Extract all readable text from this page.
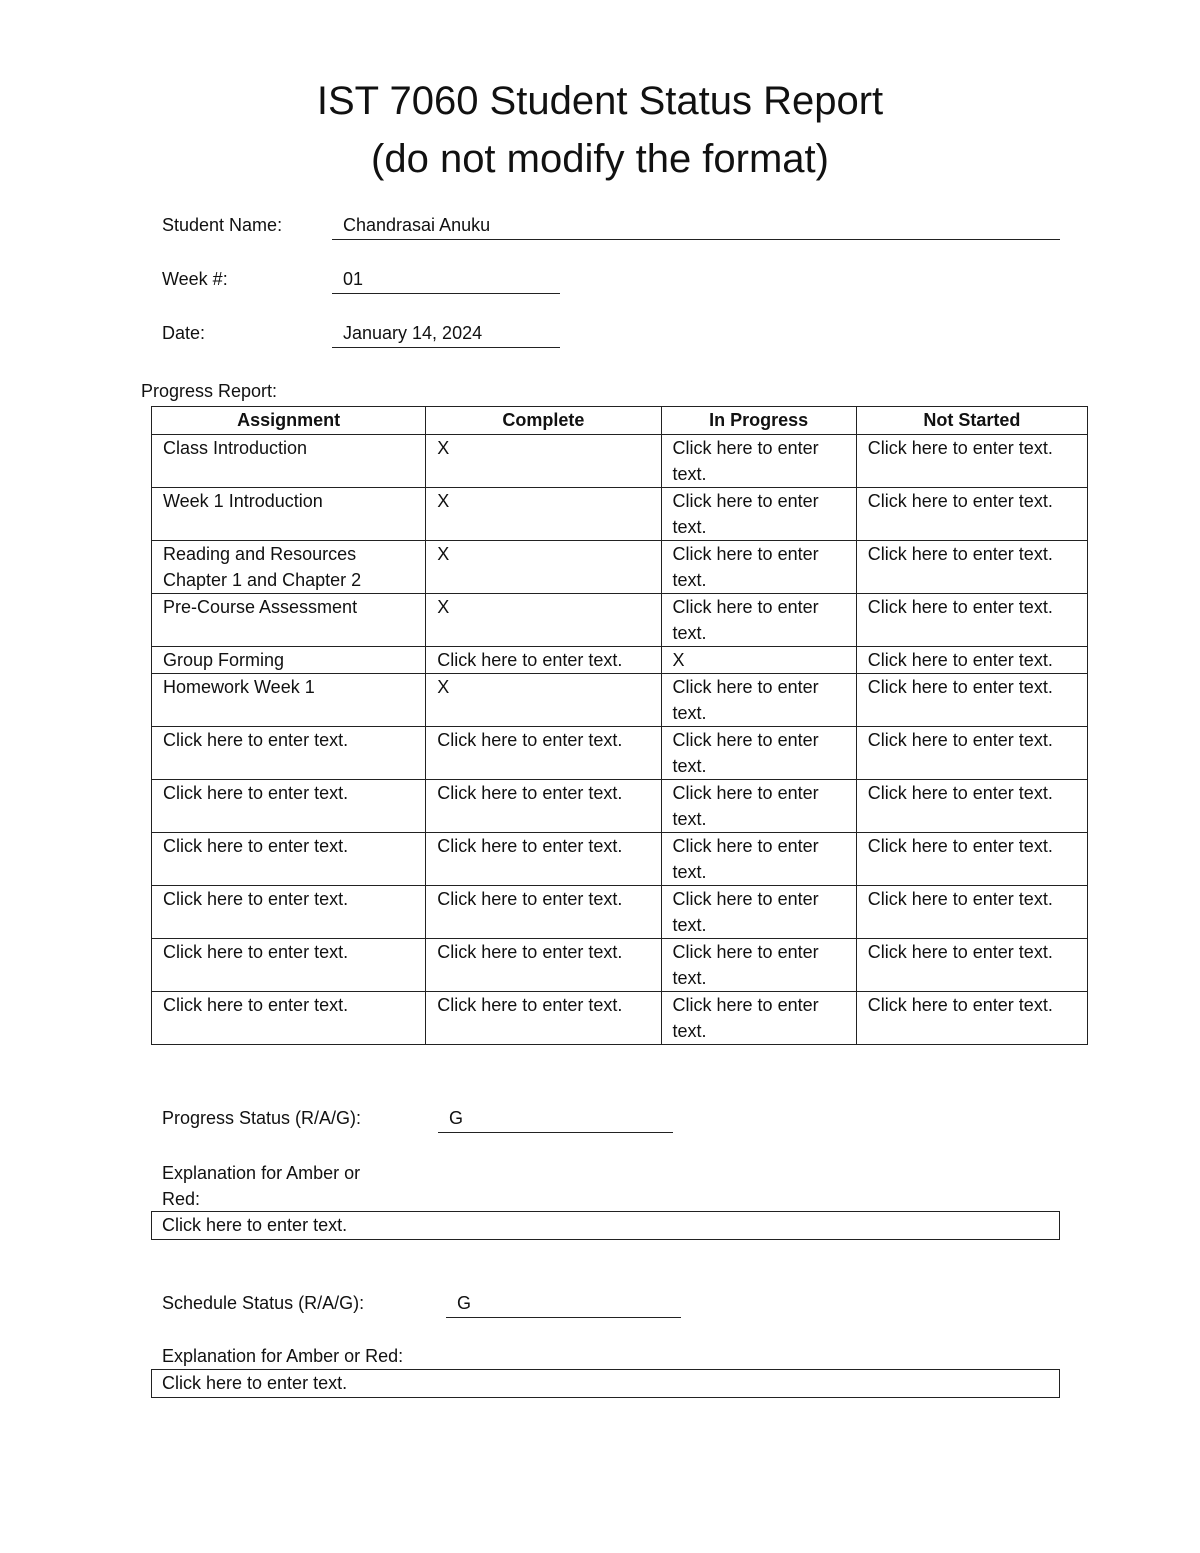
IST 7060 Student Status Report
(do not modify the format)
Student Name:	Chandrasai Anuku
Week #:	01
Date:	January 14, 2024
Progress Report:
Assignment	Complete	In Progress	Not Started
Class Introduction	X	Click here to enter text.	Click here to enter text.
Week 1 Introduction	X	Click here to enter text.	Click here to enter text.
Reading and Resources Chapter 1 and Chapter 2	X	Click here to enter text.	Click here to enter text.
Pre-Course Assessment	X	Click here to enter text.	Click here to enter text.
Group Forming	Click here to enter text.	X	Click here to enter text.
Homework Week 1	X	Click here to enter text.	Click here to enter text.
Click here to enter text.	Click here to enter text.	Click here to enter text.	Click here to enter text.
Click here to enter text.	Click here to enter text.	Click here to enter text.	Click here to enter text.
Click here to enter text.	Click here to enter text.	Click here to enter text.	Click here to enter text.
Click here to enter text.	Click here to enter text.	Click here to enter text.	Click here to enter text.
Click here to enter text.	Click here to enter text.	Click here to enter text.	Click here to enter text.
Click here to enter text.	Click here to enter text.	Click here to enter text.	Click here to enter text.
Progress Status (R/A/G):	G
Explanation for Amber or Red:
Click here to enter text.
Schedule Status (R/A/G):	G
Explanation for Amber or Red:
Click here to enter text.
